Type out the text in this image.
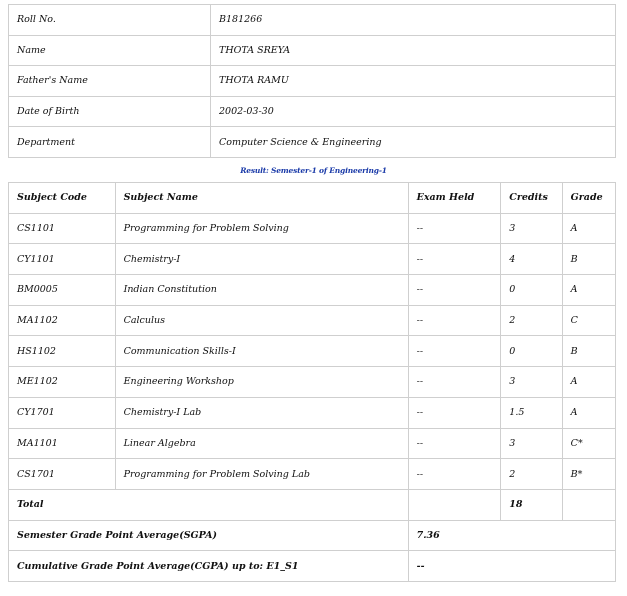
Roll No.	B181266
Name	THOTA SREYA
Father's Name	THOTA RAMU
Date of Birth	2002-03-30
Department	Computer Science & Engineering
Result: Semester-1 of Engineering-1
Subject Code	Subject Name	Exam Held	Credits	Grade
CS1101	Programming for Problem Solving	--	3	A
CY1101	Chemistry-I	--	4	B
BM0005	Indian Constitution	--	0	A
MA1102	Calculus	--	2	C
HS1102	Communication Skills-I	--	0	B
ME1102	Engineering Workshop	--	3	A
CY1701	Chemistry-I Lab	--	1.5	A
MA1101	Linear Algebra	--	3	C*
CS1701	Programming for Problem Solving Lab	--	2	B*
Total			18	
Semester Grade Point Average(SGPA)		7.36		
Cumulative Grade Point Average(CGPA) up to: E1_S1		--		
